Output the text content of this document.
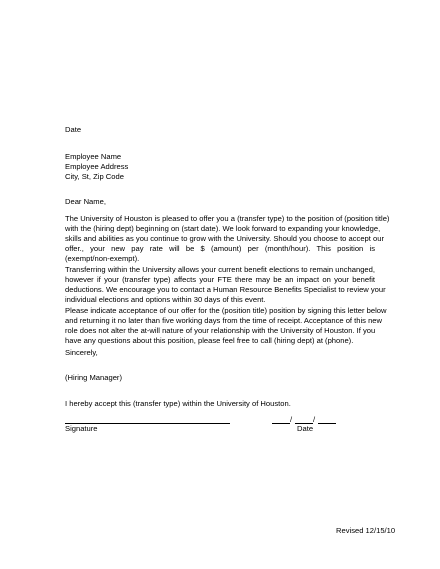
Date
Employee Name
Employee Address
City, St, Zip Code
Dear Name,
The University of Houston is pleased to offer you a (transfer type) to the position of (position title)
with the (hiring dept) beginning on (start date). We look forward to expanding your knowledge,
skills and abilities as you continue to grow with the University. Should you choose to accept our
offer., your new pay rate will be $ (amount) per (month/hour). This position is
(exempt/non-exempt).
Transferring within the University allows your current benefit elections to remain unchanged,
however if your (transfer type) affects your FTE there may be an impact on your benefit
deductions. We encourage you to contact a Human Resource Benefits Specialist to review your
individual elections and options within 30 days of this event.
Please indicate acceptance of our offer for the (position title) position by signing this letter below
and returning it no later than five working days from the time of receipt. Acceptance of this new
role does not alter the at-will nature of your relationship with the University of Houston. If you
have any questions about this position, please feel free to call (hiring dept) at (phone).
Sincerely,
(Hiring Manager)
I hereby accept this (transfer type) within the University of Houston.
Signature
/	/
Date
Revised 12/15/10
